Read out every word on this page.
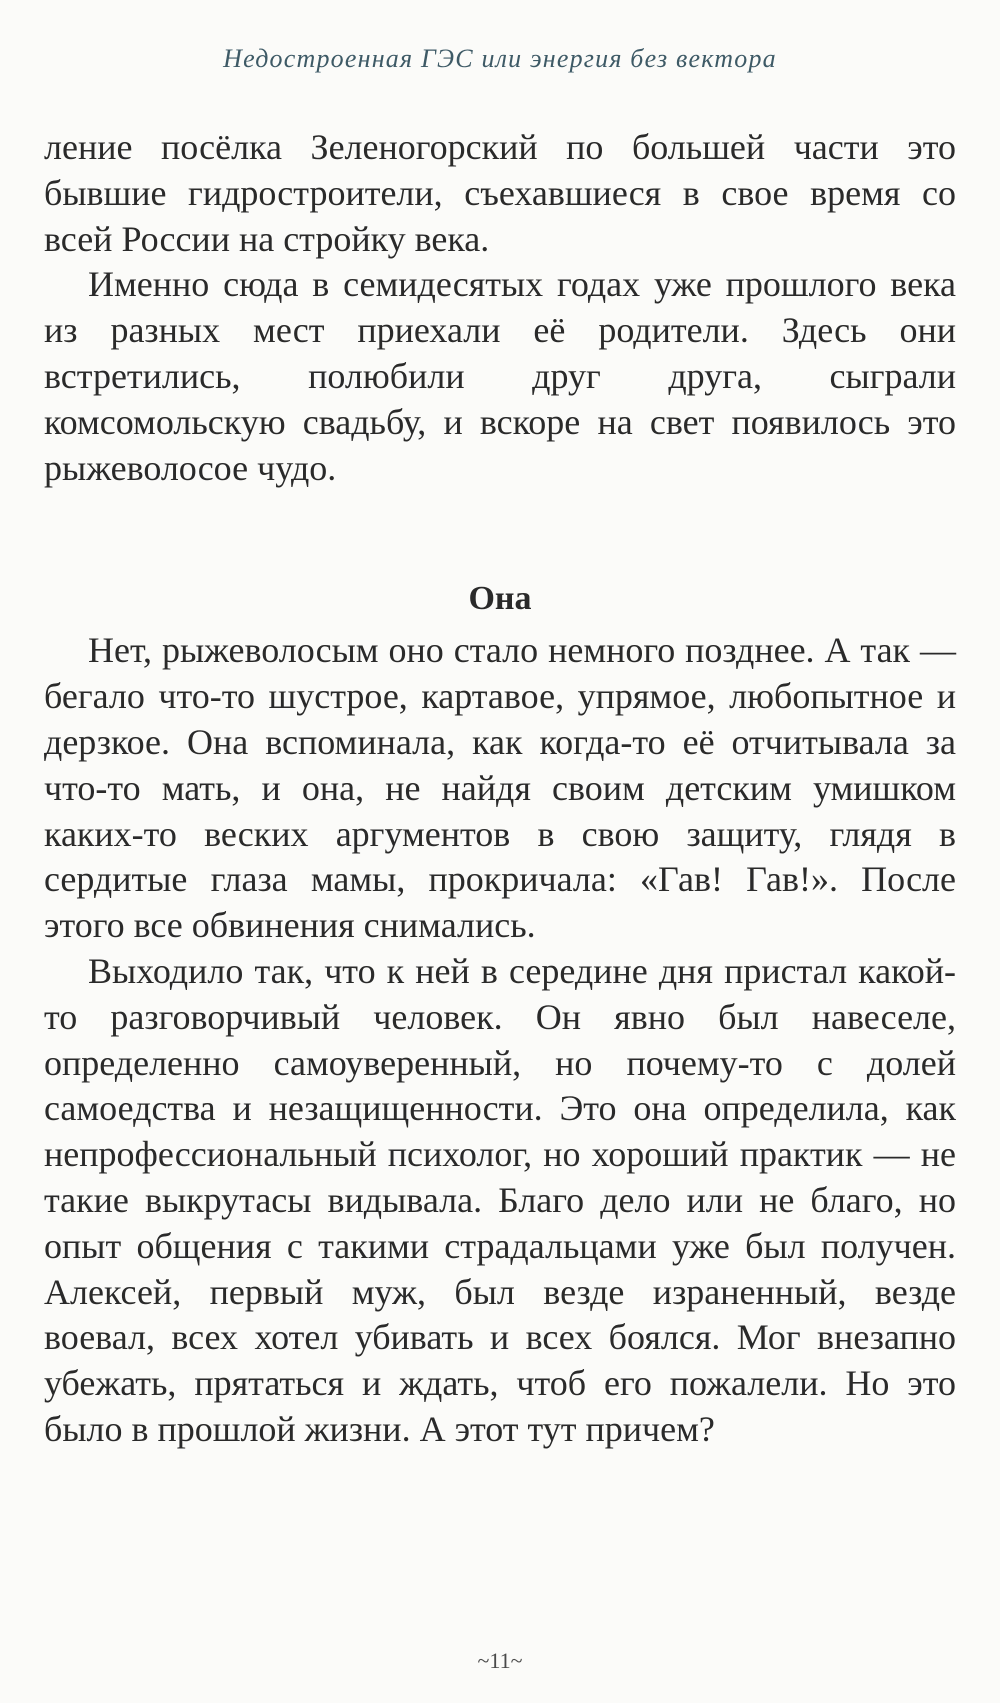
Недостроенная ГЭС или энергия без вектора

ление посёлка Зеленогорский по большей части это бывшие гидростроители, съехавшиеся в свое время со всей России на стройку века.

Именно сюда в семидесятых годах уже прошлого века из разных мест приехали её родители. Здесь они встретились, полюбили друг друга, сыграли комсомольскую свадьбу, и вскоре на свет появилось это рыжеволосое чудо.

Она

Нет, рыжеволосым оно стало немного позднее. А так — бегало что-то шустрое, картавое, упрямое, любопытное и дерзкое. Она вспоминала, как когда-то её отчитывала за что-то мать, и она, не найдя своим детским умишком каких-то веских аргументов в свою защиту, глядя в сердитые глаза мамы, прокричала: «Гав! Гав!». После этого все обвинения снимались.

Выходило так, что к ней в середине дня пристал какой-то разговорчивый человек. Он явно был навеселе, определенно самоуверенный, но почему-то с долей самоедства и незащищенности. Это она определила, как непрофессиональный психолог, но хороший практик — не такие выкрутасы видывала. Благо дело или не благо, но опыт общения с такими страдальцами уже был получен. Алексей, первый муж, был везде израненный, везде воевал, всех хотел убивать и всех боялся. Мог внезапно убежать, прятаться и ждать, чтоб его пожалели. Но это было в прошлой жизни. А этот тут причем?

~11~
